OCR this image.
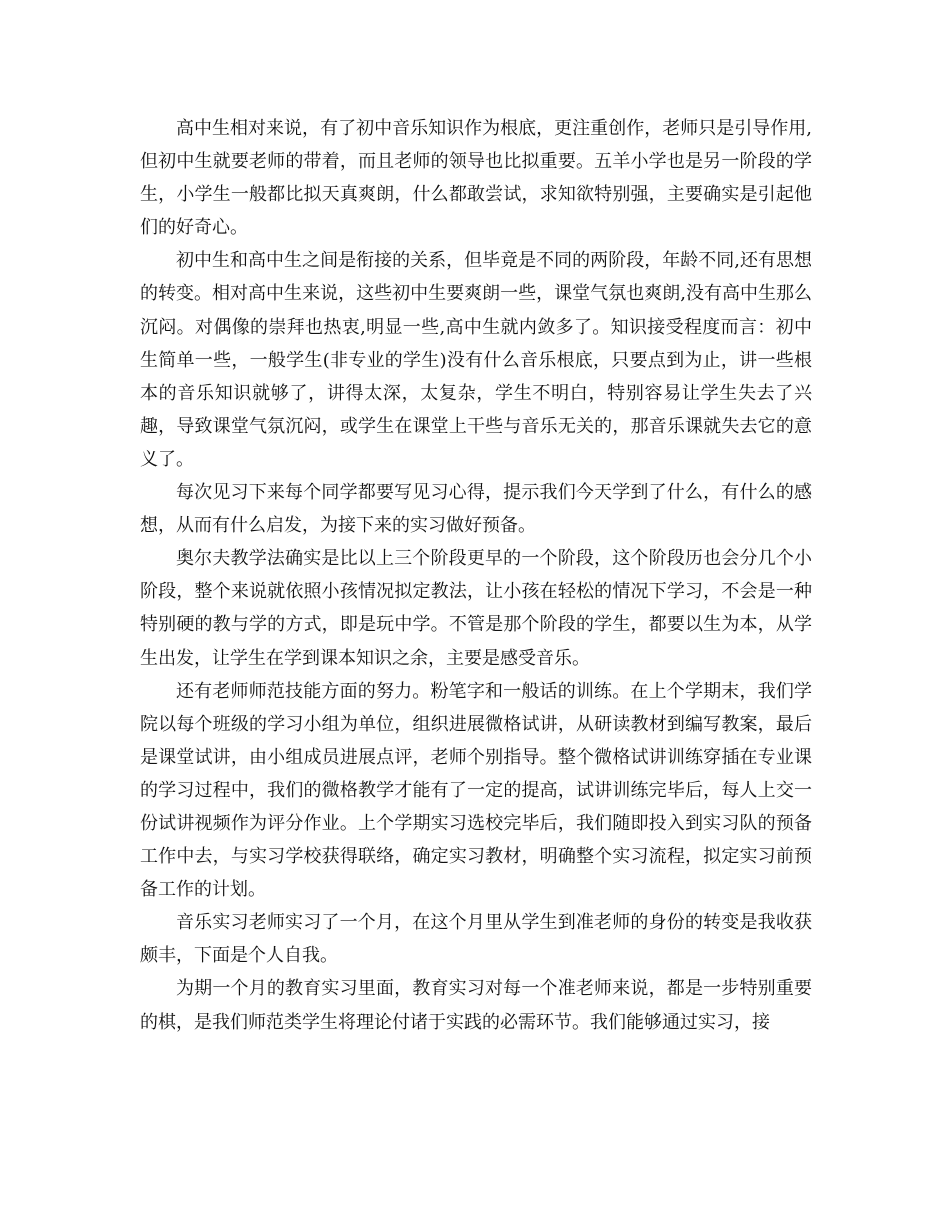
高中生相对来说，有了初中音乐知识作为根底，更注重创作，老师只是引导作用,但初中生就要老师的带着，而且老师的领导也比拟重要。五羊小学也是另一阶段的学生，小学生一般都比拟天真爽朗，什么都敢尝试，求知欲特别强，主要确实是引起他们的好奇心。

初中生和高中生之间是衔接的关系，但毕竟是不同的两阶段，年龄不同,还有思想的转变。相对高中生来说，这些初中生要爽朗一些，课堂气氛也爽朗,没有高中生那么沉闷。对偶像的崇拜也热衷,明显一些,高中生就内敛多了。知识接受程度而言：初中生简单一些，一般学生(非专业的学生)没有什么音乐根底，只要点到为止，讲一些根本的音乐知识就够了，讲得太深，太复杂，学生不明白，特别容易让学生失去了兴趣，导致课堂气氛沉闷，或学生在课堂上干些与音乐无关的，那音乐课就失去它的意义了。

每次见习下来每个同学都要写见习心得，提示我们今天学到了什么，有什么的感想，从而有什么启发，为接下来的实习做好预备。

奥尔夫教学法确实是比以上三个阶段更早的一个阶段，这个阶段历也会分几个小阶段，整个来说就依照小孩情况拟定教法，让小孩在轻松的情况下学习，不会是一种特别硬的教与学的方式，即是玩中学。不管是那个阶段的学生，都要以生为本，从学生出发，让学生在学到课本知识之余，主要是感受音乐。

还有老师师范技能方面的努力。粉笔字和一般话的训练。在上个学期末，我们学院以每个班级的学习小组为单位，组织进展微格试讲，从研读教材到编写教案，最后是课堂试讲，由小组成员进展点评，老师个别指导。整个微格试讲训练穿插在专业课的学习过程中，我们的微格教学才能有了一定的提高，试讲训练完毕后，每人上交一份试讲视频作为评分作业。上个学期实习选校完毕后，我们随即投入到实习队的预备工作中去，与实习学校获得联络，确定实习教材，明确整个实习流程，拟定实习前预备工作的计划。

音乐实习老师实习了一个月，在这个月里从学生到准老师的身份的转变是我收获颇丰，下面是个人自我。

为期一个月的教育实习里面，教育实习对每一个准老师来说，都是一步特别重要的棋，是我们师范类学生将理论付诸于实践的必需环节。我们能够通过实习，接
